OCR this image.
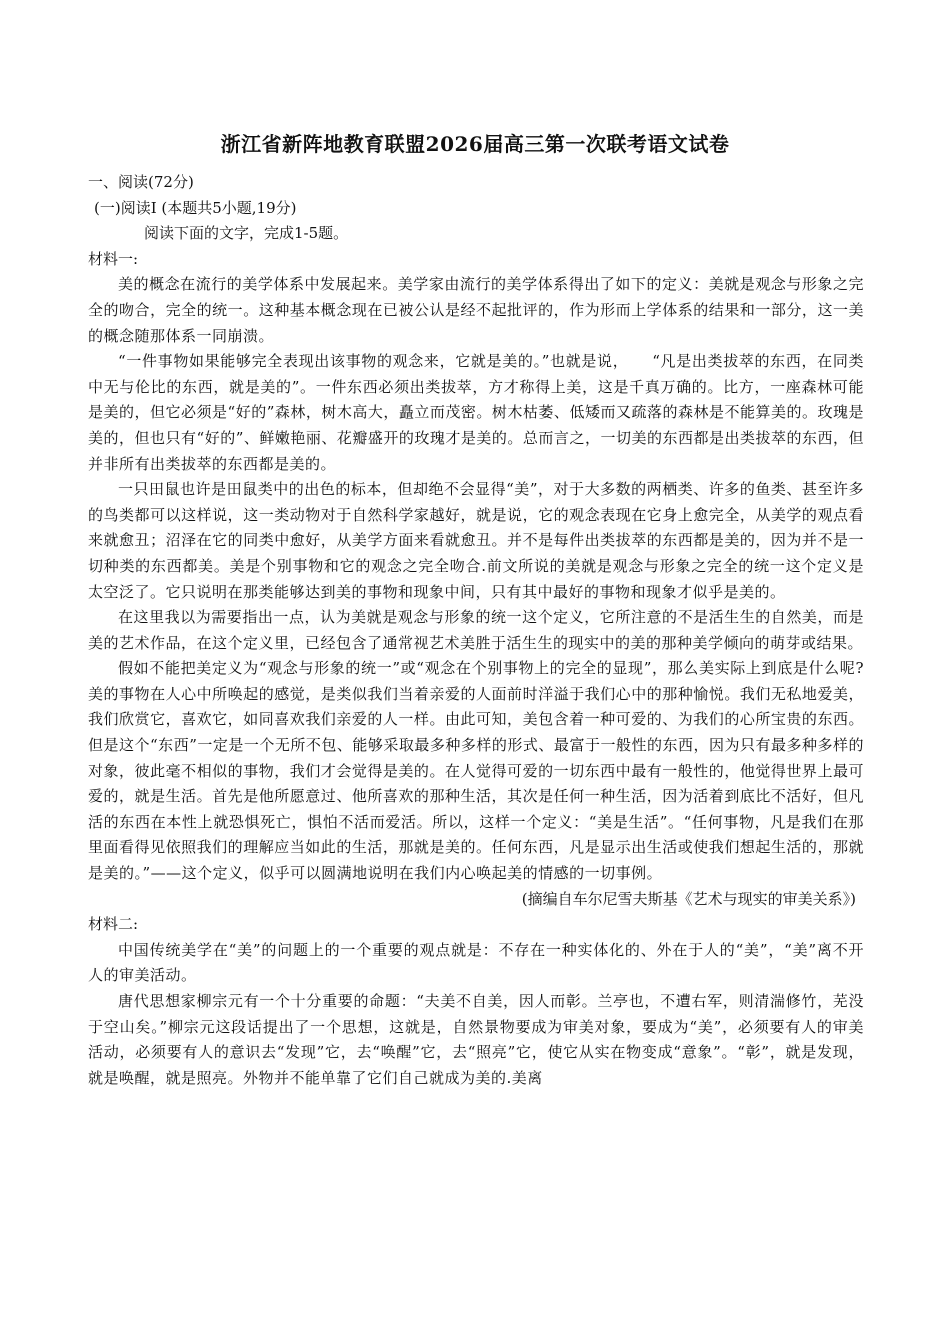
浙江省新阵地教育联盟2026届高三第一次联考语文试卷

一、阅读(72分)

(一)阅读Ⅰ (本题共5小题,19分)

阅读下面的文字，完成1-5题。

材料一:

美的概念在流行的美学体系中发展起来。美学家由流行的美学体系得出了如下的定义：美就是观念与形象之完全的吻合，完全的统一。这种基本概念现在已被公认是经不起批评的，作为形而上学体系的结果和一部分，这一美的概念随那体系一同崩溃。

“一件事物如果能够完全表现出该事物的观念来，它就是美的。”也就是说，　　“凡是出类拔萃的东西，在同类中无与伦比的东西，就是美的”。一件东西必须出类拔萃，方才称得上美，这是千真万确的。比方，一座森林可能是美的，但它必须是“好的”森林，树木高大，矗立而茂密。树木枯萎、低矮而又疏落的森林是不能算美的。玫瑰是美的，但也只有“好的”、鲜嫩艳丽、花瓣盛开的玫瑰才是美的。总而言之，一切美的东西都是出类拔萃的东西，但并非所有出类拔萃的东西都是美的。

一只田鼠也许是田鼠类中的出色的标本，但却绝不会显得“美”，对于大多数的两栖类、许多的鱼类、甚至许多的鸟类都可以这样说，这一类动物对于自然科学家越好，就是说，它的观念表现在它身上愈完全，从美学的观点看来就愈丑；沼泽在它的同类中愈好，从美学方面来看就愈丑。并不是每件出类拔萃的东西都是美的，因为并不是一切种类的东西都美。美是个别事物和它的观念之完全吻合.前文所说的美就是观念与形象之完全的统一这个定义是太空泛了。它只说明在那类能够达到美的事物和现象中间，只有其中最好的事物和现象才似乎是美的。

在这里我以为需要指出一点，认为美就是观念与形象的统一这个定义，它所注意的不是活生生的自然美，而是美的艺术作品，在这个定义里，已经包含了通常视艺术美胜于活生生的现实中的美的那种美学倾向的萌芽或结果。

假如不能把美定义为“观念与形象的统一”或“观念在个别事物上的完全的显现”，那么美实际上到底是什么呢?美的事物在人心中所唤起的感觉，是类似我们当着亲爱的人面前时洋溢于我们心中的那种愉悦。我们无私地爱美，我们欣赏它，喜欢它，如同喜欢我们亲爱的人一样。由此可知，美包含着一种可爱的、为我们的心所宝贵的东西。但是这个“东西”一定是一个无所不包、能够采取最多种多样的形式、最富于一般性的东西，因为只有最多种多样的对象，彼此毫不相似的事物，我们才会觉得是美的。在人觉得可爱的一切东西中最有一般性的，他觉得世界上最可爱的，就是生活。首先是他所愿意过、他所喜欢的那种生活，其次是任何一种生活，因为活着到底比不活好，但凡活的东西在本性上就恐惧死亡，惧怕不活而爱活。所以，这样一个定义：“美是生活”。“任何事物，凡是我们在那里面看得见依照我们的理解应当如此的生活，那就是美的。任何东西，凡是显示出生活或使我们想起生活的，那就是美的。”——这个定义，似乎可以圆满地说明在我们内心唤起美的情感的一切事例。

(摘编自车尔尼雪夫斯基《艺术与现实的审美关系》)

材料二:

中国传统美学在“美”的问题上的一个重要的观点就是：不存在一种实体化的、外在于人的“美”，“美”离不开人的审美活动。

唐代思想家柳宗元有一个十分重要的命题：“夫美不自美，因人而彰。兰亭也，不遭右军，则清湍修竹，芜没于空山矣。”柳宗元这段话提出了一个思想，这就是，自然景物要成为审美对象，要成为“美”，必须要有人的审美活动，必须要有人的意识去“发现”它，去“唤醒”它，去“照亮”它，使它从实在物变成“意象”。“彰”，就是发现，就是唤醒，就是照亮。外物并不能单靠了它们自己就成为美的.美离
